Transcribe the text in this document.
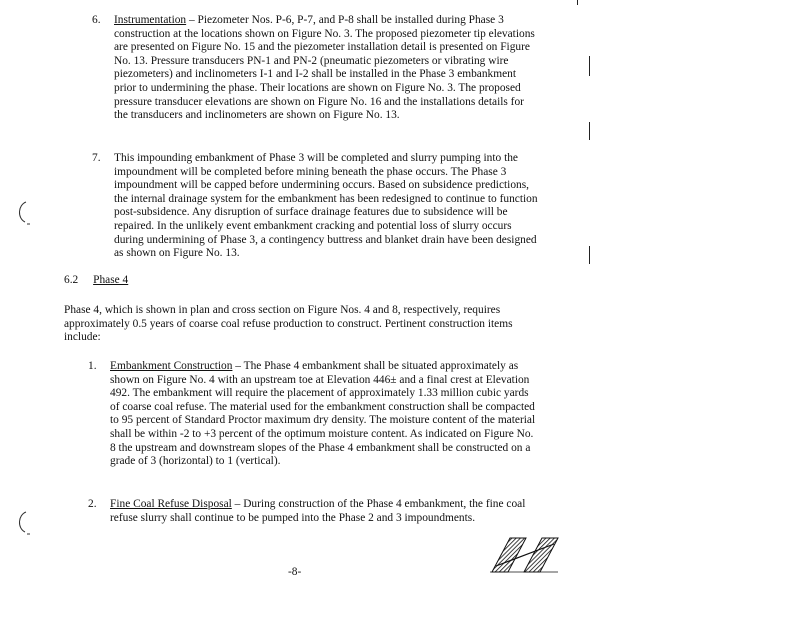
6. Instrumentation – Piezometer Nos. P-6, P-7, and P-8 shall be installed during Phase 3 construction at the locations shown on Figure No. 3. The proposed piezometer tip elevations are presented on Figure No. 15 and the piezometer installation detail is presented on Figure No. 13. Pressure transducers PN-1 and PN-2 (pneumatic piezometers or vibrating wire piezometers) and inclinometers I-1 and I-2 shall be installed in the Phase 3 embankment prior to undermining the phase. Their locations are shown on Figure No. 3. The proposed pressure transducer elevations are shown on Figure No. 16 and the installations details for the transducers and inclinometers are shown on Figure No. 13.
7. This impounding embankment of Phase 3 will be completed and slurry pumping into the impoundment will be completed before mining beneath the phase occurs. The Phase 3 impoundment will be capped before undermining occurs. Based on subsidence predictions, the internal drainage system for the embankment has been redesigned to continue to function post-subsidence. Any disruption of surface drainage features due to subsidence will be repaired. In the unlikely event embankment cracking and potential loss of slurry occurs during undermining of Phase 3, a contingency buttress and blanket drain have been designed as shown on Figure No. 13.
6.2 Phase 4
Phase 4, which is shown in plan and cross section on Figure Nos. 4 and 8, respectively, requires approximately 0.5 years of coarse coal refuse production to construct. Pertinent construction items include:
1. Embankment Construction – The Phase 4 embankment shall be situated approximately as shown on Figure No. 4 with an upstream toe at Elevation 446± and a final crest at Elevation 492. The embankment will require the placement of approximately 1.33 million cubic yards of coarse coal refuse. The material used for the embankment construction shall be compacted to 95 percent of Standard Proctor maximum dry density. The moisture content of the material shall be within -2 to +3 percent of the optimum moisture content. As indicated on Figure No. 8 the upstream and downstream slopes of the Phase 4 embankment shall be constructed on a grade of 3 (horizontal) to 1 (vertical).
2. Fine Coal Refuse Disposal – During construction of the Phase 4 embankment, the fine coal refuse slurry shall continue to be pumped into the Phase 2 and 3 impoundments.
-8-
